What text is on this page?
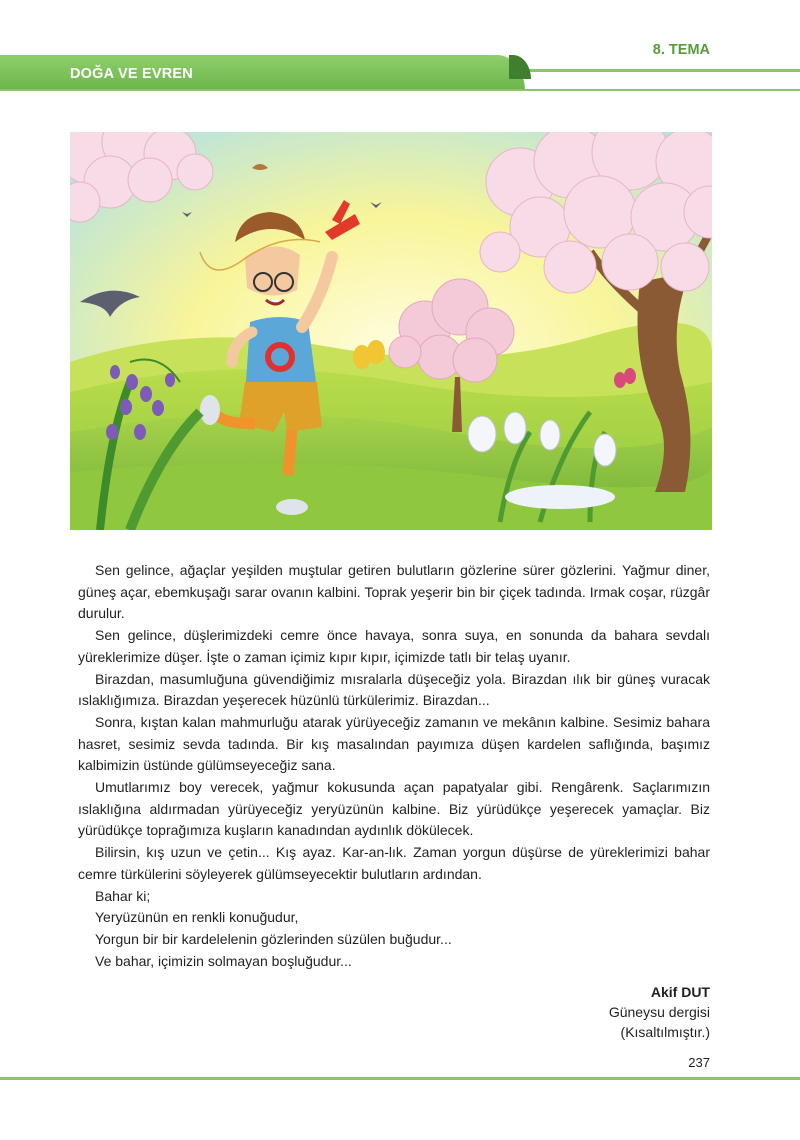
8. TEMA
DOĞA VE EVREN

Sen gelince, ağaçlar yeşilden muştular getiren bulutların gözlerine sürer gözlerini. Yağmur diner, güneş açar, ebemkuşağı sarar ovanın kalbini. Toprak yeşerir bin bir çiçek tadında. Irmak coşar, rüzgâr durulur.

Sen gelince, düşlerimizdeki cemre önce havaya, sonra suya, en sonunda da bahara sevdalı yüreklerimize düşer. İşte o zaman içimiz kıpır kıpır, içimizde tatlı bir telaş uyanır.

Birazdan, masumluğuna güvendiğimiz mısralarla düşeceğiz yola. Birazdan ılık bir güneş vuracak ıslaklığımıza. Birazdan yeşerecek hüzünlü türkülerimiz. Birazdan...

Sonra, kıştan kalan mahmurluğu atarak yürüyeceğiz zamanın ve mekânın kalbine. Sesimiz bahara hasret, sesimiz sevda tadında. Bir kış masalından payımıza düşen kardelen saflığında, başımız kalbimizin üstünde gülümseyeceğiz sana.

Umutlarımız boy verecek, yağmur kokusunda açan papatyalar gibi. Rengârenk. Saçlarımızın ıslaklığına aldırmadan yürüyeceğiz yeryüzünün kalbine. Biz yürüdükçe yeşerecek yamaçlar. Biz yürüdükçe toprağımıza kuşların kanadından aydınlık dökülecek.

Bilirsin, kış uzun ve çetin... Kış ayaz. Kar-an-lık. Zaman yorgun düşürse de yüreklerimizi bahar cemre türkülerini söyleyerek gülümseyecektir bulutların ardından.

Bahar ki;

Yeryüzünün en renkli konuğudur,

Yorgun bir bir kardelelenin gözlerinden süzülen buğudur...

Ve bahar, içimizin solmayan boşluğudur...

Akif DUT
Güneysu dergisi
(Kısaltılmıştır.)
237
